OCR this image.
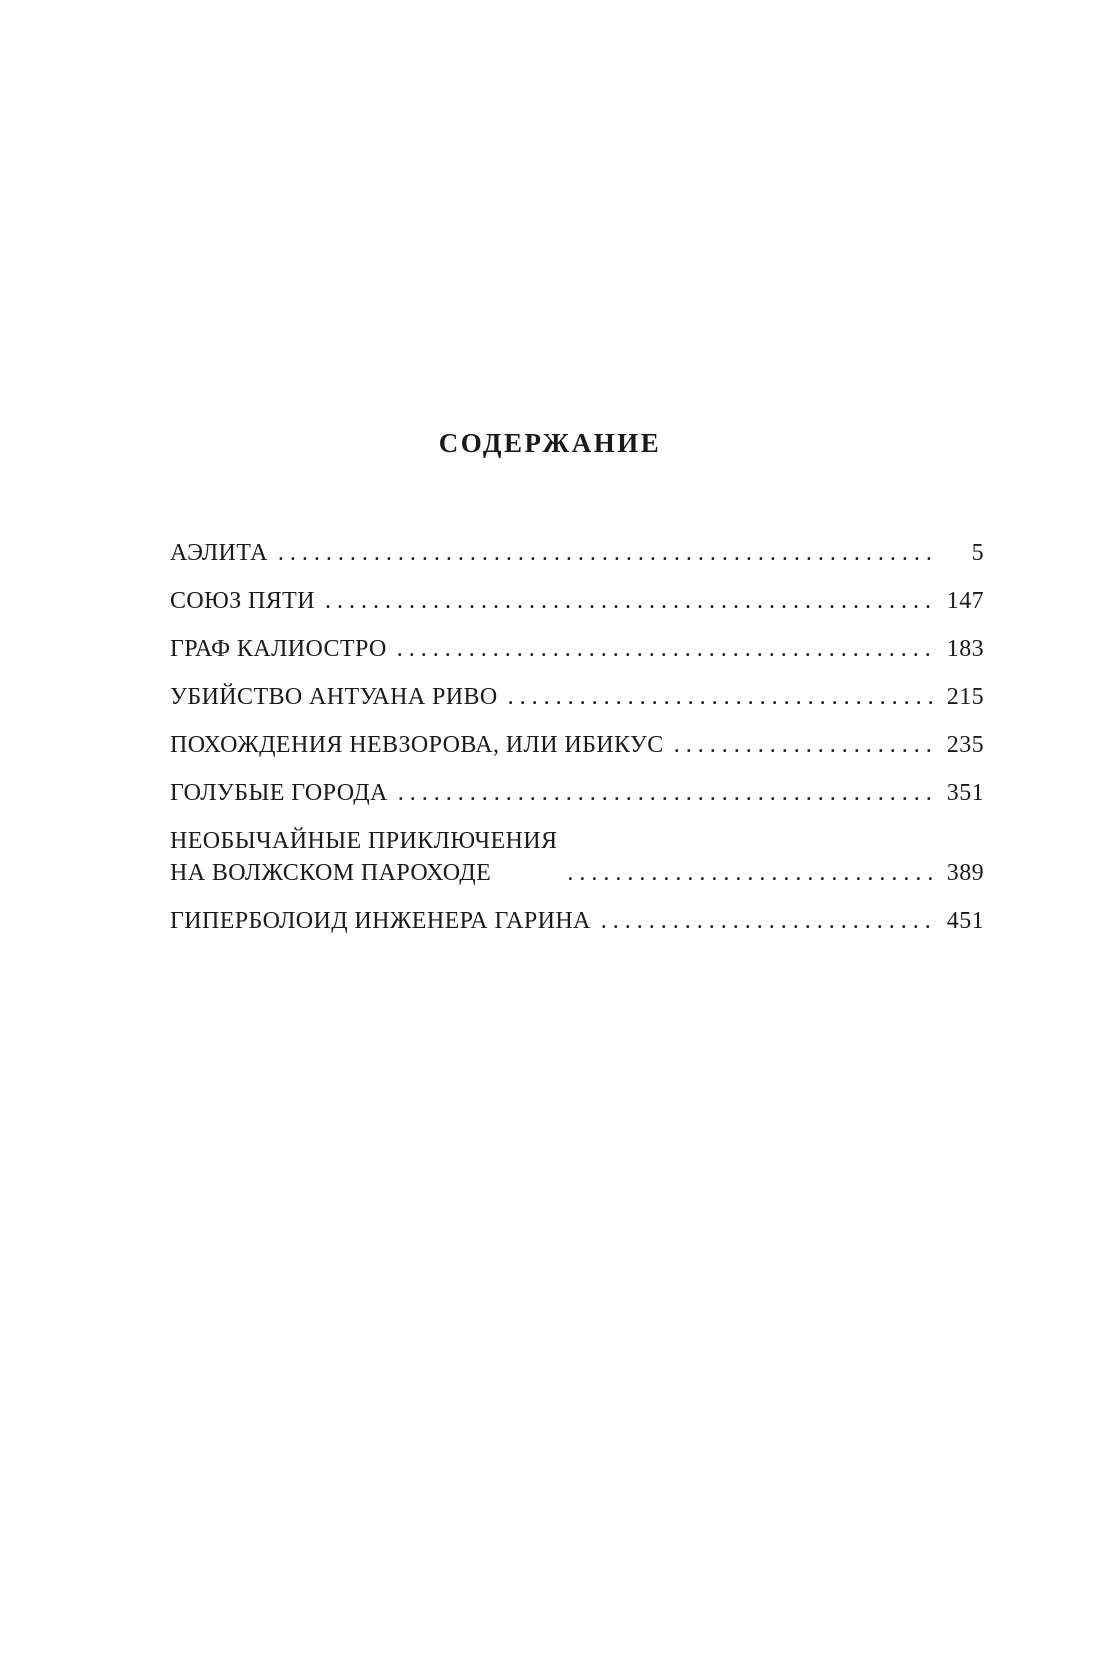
СОДЕРЖАНИЕ
АЭЛИТА . . .	5
СОЮЗ ПЯТИ . . .	147
ГРАФ КАЛИОСТРО . . .	183
УБИЙСТВО АНТУАНА РИВО . . .	215
ПОХОЖДЕНИЯ НЕВЗОРОВА, ИЛИ ИБИКУС . . .	235
ГОЛУБЫЕ ГОРОДА . . .	351
НЕОБЫЧАЙНЫЕ ПРИКЛЮЧЕНИЯ
НА ВОЛЖСКОМ ПАРОХОДЕ . . .	389
ГИПЕРБОЛОИД ИНЖЕНЕРА ГАРИНА . . .	451
